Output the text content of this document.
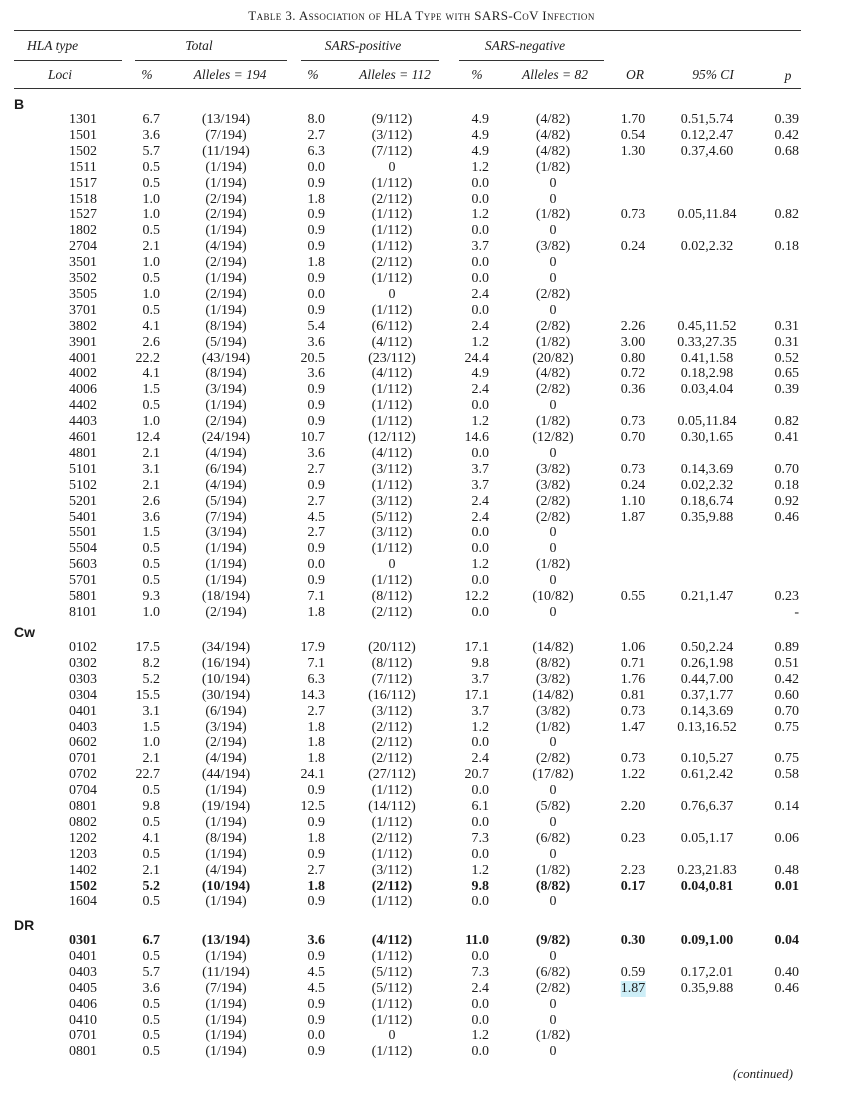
Table 3. Association of HLA Type with SARS-CoV Infection
HLA type	Total	SARS-positive	SARS-negative
Loci	%	Alleles = 194	%	Alleles = 112	%	Alleles = 82	OR	95% CI	p
B
1301	6.7	(13/194)	8.0	(9/112)	4.9	(4/82)	1.70	0.51,5.74	0.39
1501	3.6	(7/194)	2.7	(3/112)	4.9	(4/82)	0.54	0.12,2.47	0.42
1502	5.7	(11/194)	6.3	(7/112)	4.9	(4/82)	1.30	0.37,4.60	0.68
1511	0.5	(1/194)	0.0	0	1.2	(1/82)
1517	0.5	(1/194)	0.9	(1/112)	0.0	0
1518	1.0	(2/194)	1.8	(2/112)	0.0	0
1527	1.0	(2/194)	0.9	(1/112)	1.2	(1/82)	0.73 0.05,11.84	0.82
1802	0.5	(1/194)	0.9	(1/112)	0.0	0
2704	2.1	(4/194)	0.9	(1/112)	3.7	(3/82)	0.24	0.02,2.32	0.18
3501	1.0	(2/194)	1.8	(2/112)	0.0	0
3502	0.5	(1/194)	0.9	(1/112)	0.0	0
3505	1.0	(2/194)	0.0	0	2.4	(2/82)
3701	0.5	(1/194)	0.9	(1/112)	0.0	0
3802	4.1	(8/194)	5.4	(6/112)	2.4	(2/82)	2.26 0.45,11.52	0.31
3901	2.6	(5/194)	3.6	(4/112)	1.2	(1/82)	3.00 0.33,27.35	0.31
4001	22.2	(43/194)	20.5	(23/112)	24.4	(20/82)	0.80	0.41,1.58	0.52
4002	4.1	(8/194)	3.6	(4/112)	4.9	(4/82)	0.72	0.18,2.98	0.65
4006	1.5	(3/194)	0.9	(1/112)	2.4	(2/82)	0.36	0.03,4.04	0.39
4402	0.5	(1/194)	0.9	(1/112)	0.0	0
4403	1.0	(2/194)	0.9	(1/112)	1.2	(1/82)	0.73 0.05,11.84	0.82
4601	12.4	(24/194)	10.7	(12/112)	14.6	(12/82)	0.70	0.30,1.65	0.41
4801	2.1	(4/194)	3.6	(4/112)	0.0	0
5101	3.1	(6/194)	2.7	(3/112)	3.7	(3/82)	0.73	0.14,3.69	0.70
5102	2.1	(4/194)	0.9	(1/112)	3.7	(3/82)	0.24	0.02,2.32	0.18
5201	2.6	(5/194)	2.7	(3/112)	2.4	(2/82)	1.10	0.18,6.74	0.92
5401	3.6	(7/194)	4.5	(5/112)	2.4	(2/82)	1.87	0.35,9.88	0.46
5501	1.5	(3/194)	2.7	(3/112)	0.0	0
5504	0.5	(1/194)	0.9	(1/112)	0.0	0
5603	0.5	(1/194)	0.0	0	1.2	(1/82)
5701	0.5	(1/194)	0.9	(1/112)	0.0	0
5801	9.3	(18/194)	7.1	(8/112)	12.2	(10/82)	0.55	0.21,1.47	0.23
8101	1.0	(2/194)	1.8	(2/112)	0.0	0	-
Cw
0102	17.5	(34/194)	17.9	(20/112)	17.1	(14/82)	1.06	0.50,2.24	0.89
0302	8.2	(16/194)	7.1	(8/112)	9.8	(8/82)	0.71	0.26,1.98	0.51
0303	5.2	(10/194)	6.3	(7/112)	3.7	(3/82)	1.76	0.44,7.00	0.42
0304	15.5	(30/194)	14.3	(16/112)	17.1	(14/82)	0.81	0.37,1.77	0.60
0401	3.1	(6/194)	2.7	(3/112)	3.7	(3/82)	0.73	0.14,3.69	0.70
0403	1.5	(3/194)	1.8	(2/112)	1.2	(1/82)	1.47 0.13,16.52	0.75
0602	1.0	(2/194)	1.8	(2/112)	0.0	0
0701	2.1	(4/194)	1.8	(2/112)	2.4	(2/82)	0.73	0.10,5.27	0.75
0702	22.7	(44/194)	24.1	(27/112)	20.7	(17/82)	1.22	0.61,2.42	0.58
0704	0.5	(1/194)	0.9	(1/112)	0.0	0
0801	9.8	(19/194)	12.5	(14/112)	6.1	(5/82)	2.20	0.76,6.37	0.14
0802	0.5	(1/194)	0.9	(1/112)	0.0	0
1202	4.1	(8/194)	1.8	(2/112)	7.3	(6/82)	0.23	0.05,1.17	0.06
1203	0.5	(1/194)	0.9	(1/112)	0.0	0
1402	2.1	(4/194)	2.7	(3/112)	1.2	(1/82)	2.23 0.23,21.83	0.48
1502	5.2	(10/194)	1.8	(2/112)	9.8	(8/82)	0.17	0.04,0.81	0.01
1604	0.5	(1/194)	0.9	(1/112)	0.0	0
DR
0301	6.7	(13/194)	3.6	(4/112)	11.0	(9/82)	0.30	0.09,1.00	0.04
0401	0.5	(1/194)	0.9	(1/112)	0.0	0
0403	5.7	(11/194)	4.5	(5/112)	7.3	(6/82)	0.59	0.17,2.01	0.40
0405	3.6	(7/194)	4.5	(5/112)	2.4	(2/82)	1.87	0.35,9.88	0.46
0406	0.5	(1/194)	0.9	(1/112)	0.0	0
0410	0.5	(1/194)	0.9	(1/112)	0.0	0
0701	0.5	(1/194)	0.0	0	1.2	(1/82)
0801	0.5	(1/194)	0.9	(1/112)	0.0	0
(continued)
